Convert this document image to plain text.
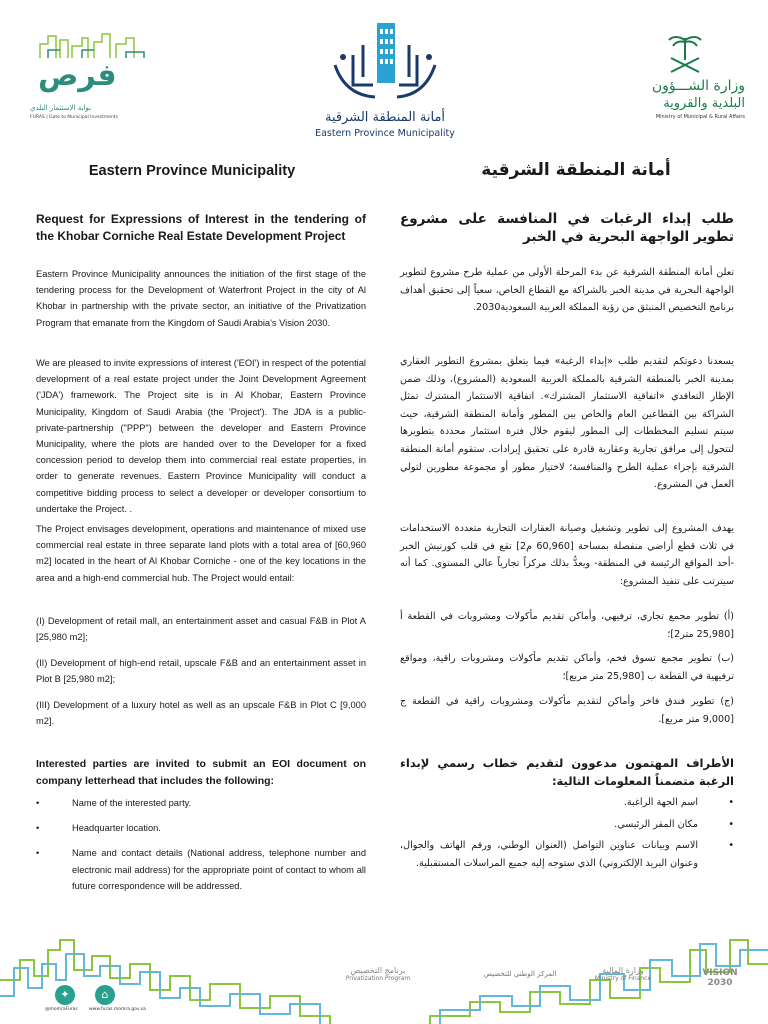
فرص
بوابة الاستثمار البلدي
FURAS | Gate to Municipal Investments	أمانة المنطقة الشرقية
Eastern Province Municipality
وزارة الشـــؤون
البلدية والقروية
Ministry of Municipal & Rural Affairs
Eastern Province Municipality	أمانة المنطقة الشرقية
Request for Expressions of Interest in the tendering of the Khobar Corniche Real Estate Development Project

Eastern Province Municipality announces the initiation of the first stage of the tendering process for the Development of Waterfront Project in the city of Al Khobar in partnership with the private sector, an initiative of the Privatization Program that emanate from the Kingdom of Saudi Arabia's Vision 2030.

We are pleased to invite expressions of interest ('EOI') in respect of the potential development of a real estate project under the Joint Development Agreement ('JDA') framework. The Project site is in Al Khobar, Eastern Province Municipality, Kingdom of Saudi Arabia (the 'Project'). The JDA is a public-private-partnership ("PPP") between the developer and Eastern Province Municipality, where the plots are handed over to the Developer for a fixed concession period to develop them into commercial real estate properties, in order to generate revenues. Eastern Province Municipality will conduct a competitive bidding process to select a developer or developer consortium to undertake the Project. .

The Project envisages development, operations and maintenance of mixed use commercial real estate in three separate land plots with a total area of [60,960 m2] located in the heart of Al Khobar Corniche - one of the key locations in the area and a high-end commercial hub. The Project would entail:

(I) Development of retail mall, an entertainment asset and casual F&B in Plot A [25,980 m2];

(II) Development of high-end retail, upscale F&B and an entertainment asset in Plot B [25,980 m2];

(III) Development of a luxury hotel as well as an upscale F&B in Plot C [9,000 m2].

Interested parties are invited to submit an EOI document on company letterhead that includes the following:

• Name of the interested party.
• Headquarter location.
• Name and contact details (National address, telephone number and electronic mail address) for the appropriate point of contact to whom all future correspondence will be addressed.
طلب إبداء الرغبات في المنافسة على مشروع تطوير الواجهة البحرية في الخبر

تعلن أمانة المنطقة الشرقية عن بدء المرحلة الأولى من عملية طرح مشروع لتطوير الواجهة البحرية في مدينة الخبر بالشراكة مع القطاع الخاص، سعياً إلى تحقيق أهداف برنامج التخصيص المنبثق من رؤية المملكة العربية السعودية2030.

يسعدنا دعوتكم لتقديم طلب «إبداء الرغبة» فيما يتعلق بمشروع التطوير العقاري بمدينة الخبر بالمنطقة الشرقية بالمملكة العربية السعودية (المشروع)، وذلك ضمن الإطار التعاقدي «اتفاقية الاستثمار المشترك». اتفاقية الاستثمار المشترك تمثل الشراكة بين القطاعين العام والخاص بين المطور وأمانة المنطقة الشرقية، حيث سيتم تسليم المخططات إلى المطور ليقوم خلال فترة استثمار محددة بتطويرها لتتحول إلى مرافق تجارية وعقارية قادرة على تحقيق إيرادات. ستقوم أمانة المنطقة الشرقية بإجراء عملية الطرح والمنافسة؛ لاختيار مطور أو مجموعة مطورين لتولي العمل في المشروع.

يهدف المشروع إلى تطوير وتشغيل وصيانة العقارات التجارية متعددة الاستخدامات في ثلاث قطع أراضي منفصلة بمساحة [60,960 م2] تقع في قلب كورنيش الخبر -أحد المواقع الرئيسة في المنطقة- ويعدُّ بذلك مركزاً تجارياً عالي المستوى. كما أنه سيترتب على تنفيذ المشروع:

(أ) تطوير مجمع تجاري، ترفيهي، وأماكن تقديم مأكولات ومشروبات في القطعة أ [25,980 متر2]؛

(ب) تطوير مجمع تسوق فخم، وأماكن تقديم مأكولات ومشروبات راقية، ومواقع ترفيهية في القطعة ب [25,980 متر مربع]؛

(ج) تطوير فندق فاخر وأماكن لتقديم مأكولات ومشروبات راقية في القطعة ج [9,000 متر مربع].

الأطراف المهتمون مدعوون لتقديم خطاب رسمي لإبداء الرغبة متضمناً المعلومات التالية:

• اسم الجهة الراغبة.
• مكان المقر الرئيسي.
• الاسم وبيانات عناوين التواصل (العنوان الوطني، ورقم الهاتف والجوال، وعنوان البريد الإلكتروني) الذي ستوجه إليه جميع المراسلات المستقبلية.
VISION 2030
وزارة المالية
Ministry of Finance
المركز الوطني للتخصيص
برنامج التخصيص
Privatization Program
✦
@momraFuras
⌂
www.furas.momra.gov.sa
